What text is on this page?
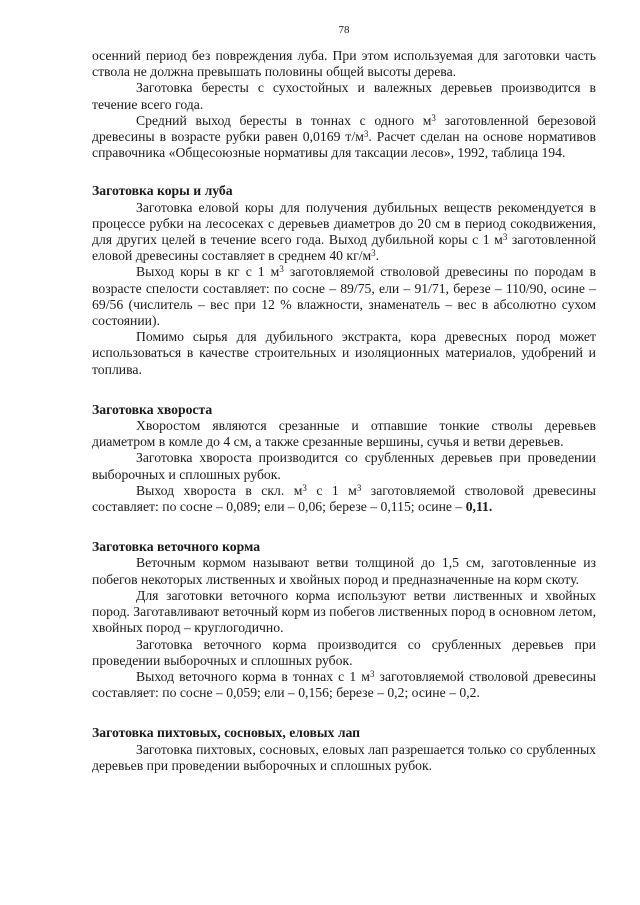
78

осенний период без повреждения луба. При этом используемая для заготовки часть ствола не должна превышать половины общей высоты дерева.

Заготовка бересты с сухостойных и валежных деревьев производится в течение всего года.

Средний выход бересты в тоннах с одного $м^3$ заготовленной березовой древесины в возрасте рубки равен 0,0169 $т/м^3$. Расчет сделан на основе нормативов справочника «Общесоюзные нормативы для таксации лесов», 1992, таблица 194.

Заготовка коры и луба

Заготовка еловой коры для получения дубильных веществ рекомендуется в процессе рубки на лесосеках с деревьев диаметров до 20 см в период сокодвижения, для других целей в течение всего года. Выход дубильной коры с 1 $м^3$ заготовленной еловой древесины составляет в среднем 40 $кг/м^3$.

Выход коры в кг с 1 $м^3$ заготовляемой стволовой древесины по породам в возрасте спелости составляет: по сосне – 89/75, ели – 91/71, березе – 110/90, осине – 69/56 (числитель – вес при 12 % влажности, знаменатель – вес в абсолютно сухом состоянии).

Помимо сырья для дубильного экстракта, кора древесных пород может использоваться в качестве строительных и изоляционных материалов, удобрений и топлива.

Заготовка хвороста

Хворостом являются срезанные и отпавшие тонкие стволы деревьев диаметром в комле до 4 см, а также срезанные вершины, сучья и ветви деревьев.

Заготовка хвороста производится со срубленных деревьев при проведении выборочных и сплошных рубок.

Выход хвороста в скл. $м^3$ с 1 $м^3$ заготовляемой стволовой древесины составляет: по сосне – 0,089; ели – 0,06; березе – 0,115; осине – 0,11.

Заготовка веточного корма

Веточным кормом называют ветви толщиной до 1,5 см, заготовленные из побегов некоторых лиственных и хвойных пород и предназначенные на корм скоту.

Для заготовки веточного корма используют ветви лиственных и хвойных пород. Заготавливают веточный корм из побегов лиственных пород в основном летом, хвойных пород – круглогодично.

Заготовка веточного корма производится со срубленных деревьев при проведении выборочных и сплошных рубок.

Выход веточного корма в тоннах с 1 $м^3$ заготовляемой стволовой древесины составляет: по сосне – 0,059; ели – 0,156; березе – 0,2; осине – 0,2.

Заготовка пихтовых, сосновых, еловых лап

Заготовка пихтовых, сосновых, еловых лап разрешается только со срубленных деревьев при проведении выборочных и сплошных рубок.
